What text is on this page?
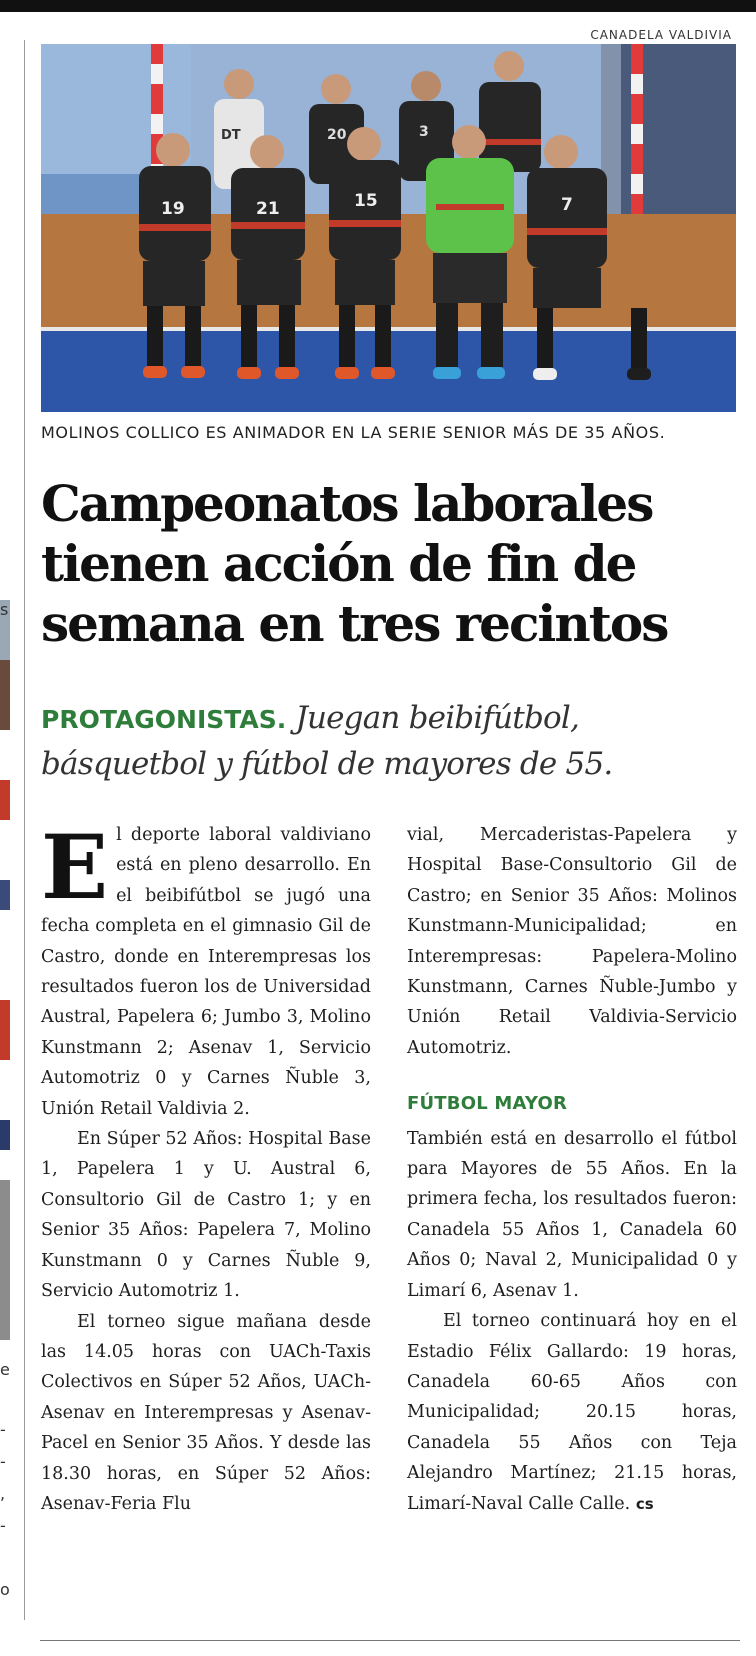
s
e
-
-
,
-
o
CANADELA VALDIVIA
DT	20	3
19	21	15	7
MOLINOS COLLICO ES ANIMADOR EN LA SERIE SENIOR MÁS DE 35 AÑOS.
Campeonatos laborales
tienen acción de fin de
semana en tres recintos
PROTAGONISTAS. Juegan beibifútbol,
básquetbol y fútbol de mayores de 55.

El deporte laboral valdiviano está en pleno desarrollo. En el beibifútbol se jugó una fecha completa en el gimnasio Gil de Castro, donde en Interempresas los resultados fueron los de Universidad Austral, Papelera 6; Jumbo 3, Molino Kunstmann 2; Asenav 1, Servicio Automotriz 0 y Carnes Ñuble 3, Unión Retail Valdivia 2.

En Súper 52 Años: Hospital Base 1, Papelera 1 y U. Austral 6, Consultorio Gil de Castro 1; y en Senior 35 Años: Papelera 7, Molino Kunstmann 0 y Carnes Ñuble 9, Servicio Automotriz 1.

El torneo sigue mañana desde las 14.05 horas con UACh-Taxis Colectivos en Súper 52 Años, UACh-Asenav en Interempresas y Asenav-Pacel en Senior 35 Años. Y desde las 18.30 horas, en Súper 52 Años: Asenav-Feria Flu

vial, Mercaderistas-Papelera y Hospital Base-Consultorio Gil de Castro; en Senior 35 Años: Molinos Kunstmann-Municipalidad; en Interempresas: Papelera-Molino Kunstmann, Carnes Ñuble-Jumbo y Unión Retail Valdivia-Servicio Automotriz.

FÚTBOL MAYOR

También está en desarrollo el fútbol para Mayores de 55 Años. En la primera fecha, los resultados fueron: Canadela 55 Años 1, Canadela 60 Años 0; Naval 2, Municipalidad 0 y Limarí 6, Asenav 1.

El torneo continuará hoy en el Estadio Félix Gallardo: 19 horas, Canadela 60-65 Años con Municipalidad; 20.15 horas, Canadela 55 Años con Teja Alejandro Martínez; 21.15 horas, Limarí-Naval Calle Calle. cs
